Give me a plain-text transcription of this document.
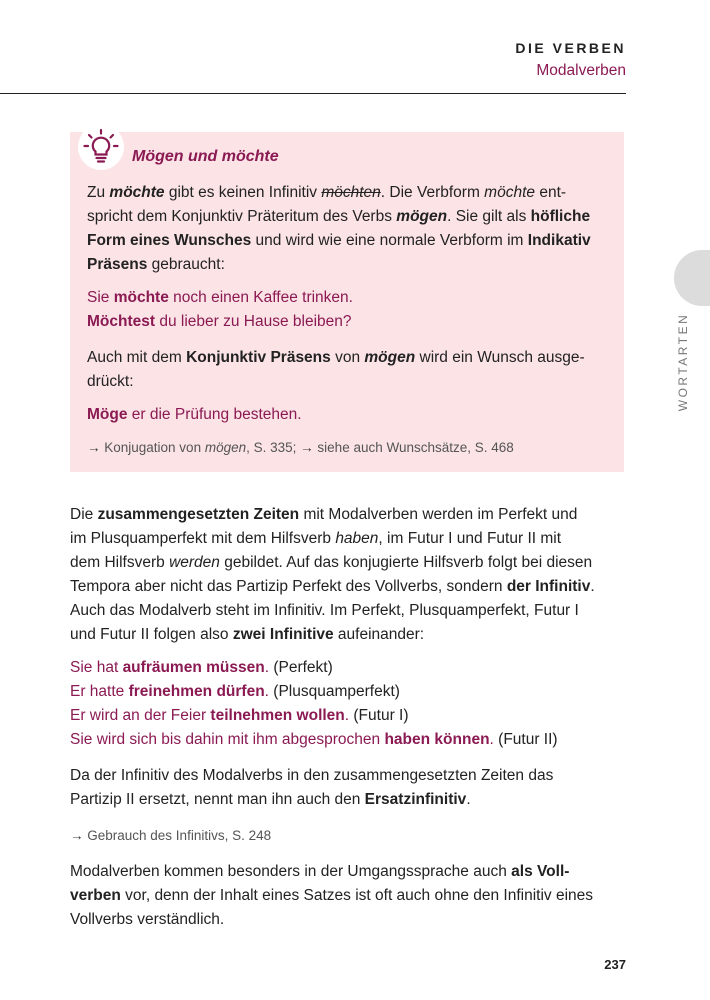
DIE VERBEN
Modalverben
WORTARTEN

Zu möchte gibt es keinen Infinitiv möchten. Die Verbform möchte ent-
spricht dem Konjunktiv Präteritum des Verbs mögen. Sie gilt als höfliche
Form eines Wunsches und wird wie eine normale Verbform im Indikativ
Präsens gebraucht:

Sie möchte noch einen Kaffee trinken.

Möchtest du lieber zu Hause bleiben?

Auch mit dem Konjunktiv Präsens von mögen wird ein Wunsch ausge-
drückt:

Möge er die Prüfung bestehen.

→ Konjugation von mögen, S. 335; → siehe auch Wunschsätze, S. 468

Mögen und möchte

Die zusammengesetzten Zeiten mit Modalverben werden im Perfekt und
im Plusquamperfekt mit dem Hilfsverb haben, im Futur I und Futur II mit
dem Hilfsverb werden gebildet. Auf das konjugierte Hilfsverb folgt bei diesen
Tempora aber nicht das Partizip Perfekt des Vollverbs, sondern der Infinitiv.
Auch das Modalverb steht im Infinitiv. Im Perfekt, Plusquamperfekt, Futur I
und Futur II folgen also zwei Infinitive aufeinander:

Sie hat aufräumen müssen. (Perfekt)

Er hatte freinehmen dürfen. (Plusquamperfekt)

Er wird an der Feier teilnehmen wollen. (Futur I)

Sie wird sich bis dahin mit ihm abgesprochen haben können. (Futur II)

Da der Infinitiv des Modalverbs in den zusammengesetzten Zeiten das
Partizip II ersetzt, nennt man ihn auch den Ersatzinfinitiv.

→ Gebrauch des Infinitivs, S. 248

Modalverben kommen besonders in der Umgangssprache auch als Voll-
verben vor, denn der Inhalt eines Satzes ist oft auch ohne den Infinitiv eines
Vollverbs verständlich.

237
